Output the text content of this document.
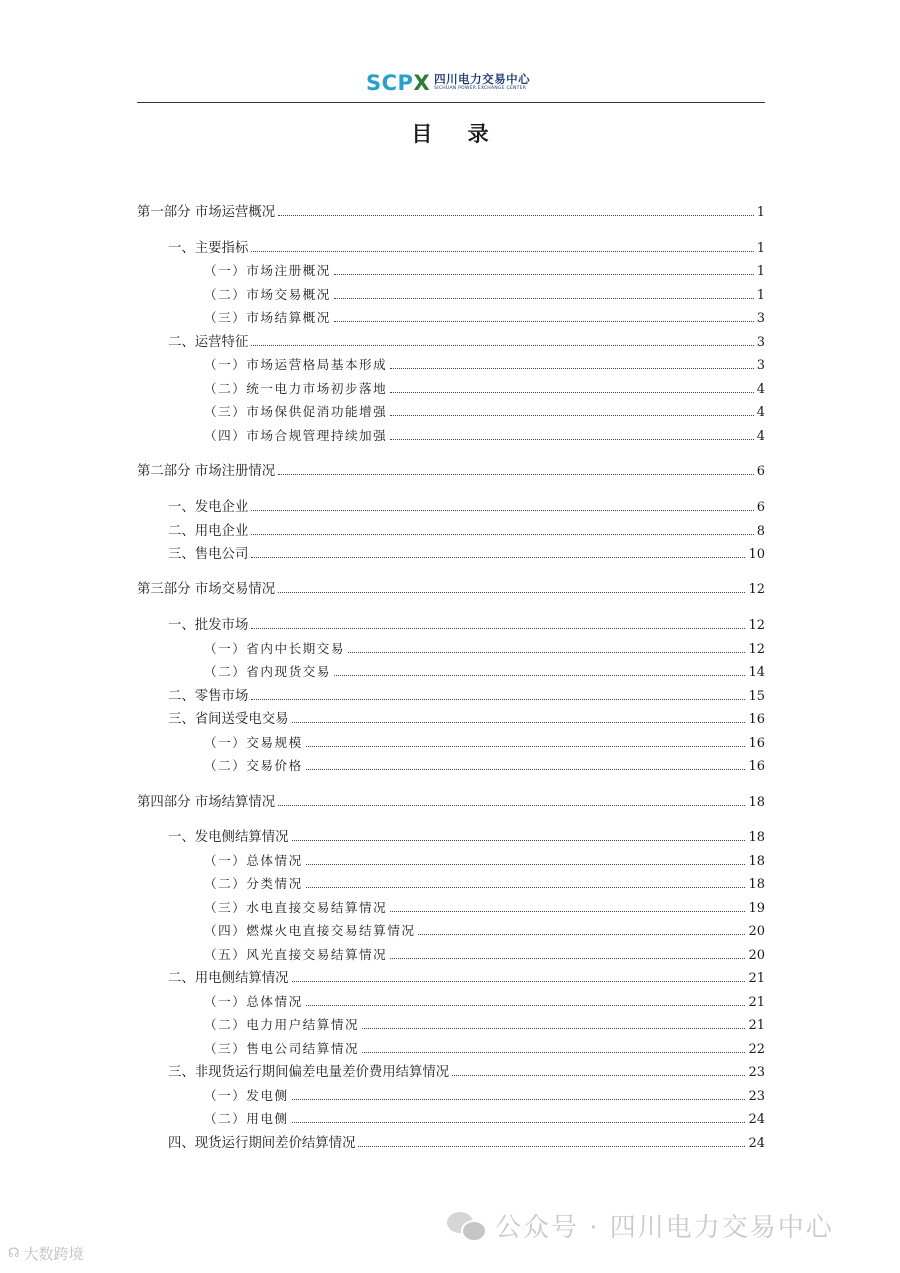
SCPX 四川电力交易中心
SICHUAN POWER EXCHANGE CENTER
目 录
第一部分 市场运营概况	1
一、主要指标	1
（一）市场注册概况	1
（二）市场交易概况	1
（三）市场结算概况	3
二、运营特征	3
（一）市场运营格局基本形成	3
（二）统一电力市场初步落地	4
（三）市场保供促消功能增强	4
（四）市场合规管理持续加强	4
第二部分 市场注册情况	6
一、发电企业	6
二、用电企业	8
三、售电公司	10
第三部分 市场交易情况	12
一、批发市场	12
（一）省内中长期交易	12
（二）省内现货交易	14
二、零售市场	15
三、省间送受电交易	16
（一）交易规模	16
（二）交易价格	16
第四部分 市场结算情况	18
一、发电侧结算情况	18
（一）总体情况	18
（二）分类情况	18
（三）水电直接交易结算情况	19
（四）燃煤火电直接交易结算情况	20
（五）风光直接交易结算情况	20
二、用电侧结算情况	21
（一）总体情况	21
（二）电力用户结算情况	21
（三）售电公司结算情况	22
三、非现货运行期间偏差电量差价费用结算情况	23
（一）发电侧	23
（二）用电侧	24
四、现货运行期间差价结算情况	24
公众号 · 四川电力交易中心
☊ 大数跨境
